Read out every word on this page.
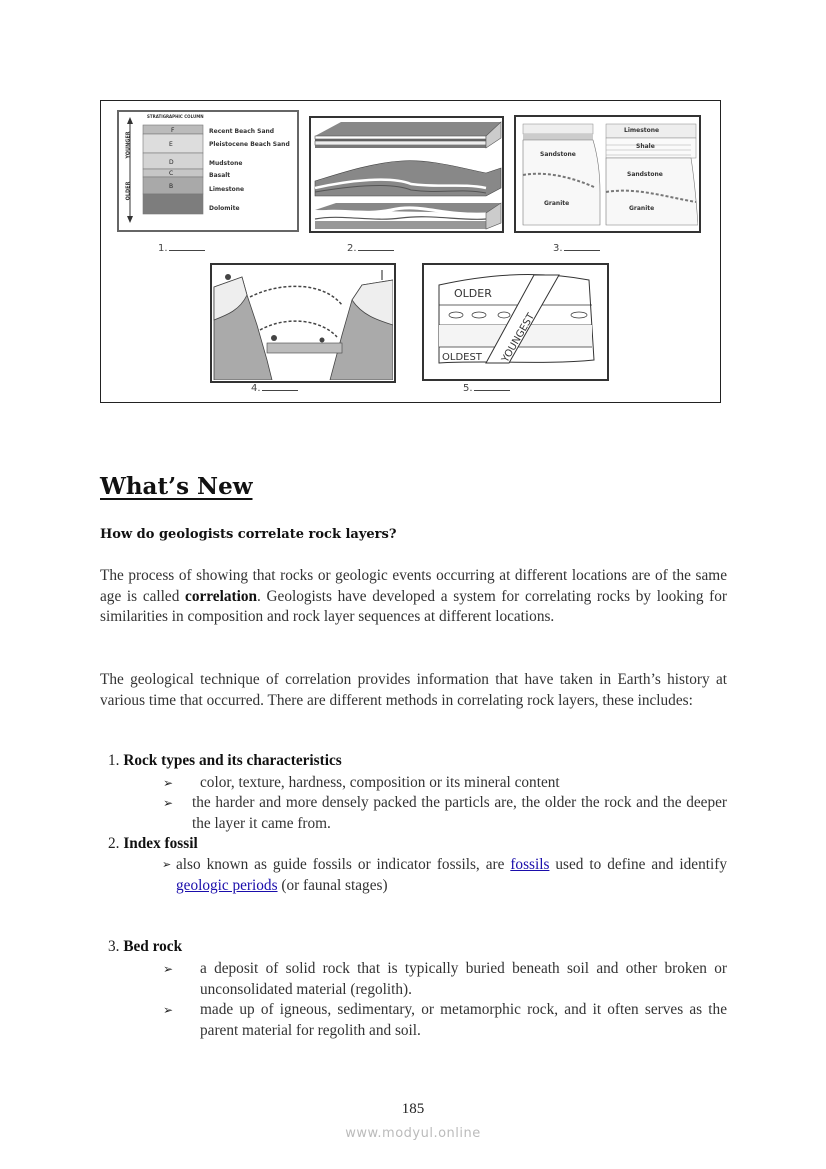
F
E
D
C
B
STRATIGRAPHIC COLUMN
YOUNGER
OLDER
Recent Beach Sand
Pleistocene Beach Sand
Mudstone
Basalt
Limestone
Dolomite
1.	2.
Sandstone
Granite
Limestone
Shale
Sandstone
Granite
3.
4.
OLDER
OLDEST YOUNGEST
5.
What’s New
How do geologists correlate rock layers?
The process of showing that rocks or geologic events occurring at different locations are of the same age is called correlation. Geologists have developed a system for correlating rocks by looking for similarities in composition and rock layer sequences at different locations.
The geological technique of correlation provides information that have taken in Earth’s history at various time that occurred. There are different methods in correlating rock layers, these includes:
1. Rock types and its characteristics
➢ color, texture, hardness, composition or its mineral content
➢ the harder and more densely packed the particls are, the older the rock and the deeper the layer it came from.
2. Index fossil
➢ also known as guide fossils or indicator fossils, are fossils used to define and identify geologic periods (or faunal stages)
3. Bed rock
➢ a deposit of solid rock that is typically buried beneath soil and other broken or unconsolidated material (regolith).
➢ made up of igneous, sedimentary, or metamorphic rock, and it often serves as the parent material for regolith and soil.
185
www.modyul.online
